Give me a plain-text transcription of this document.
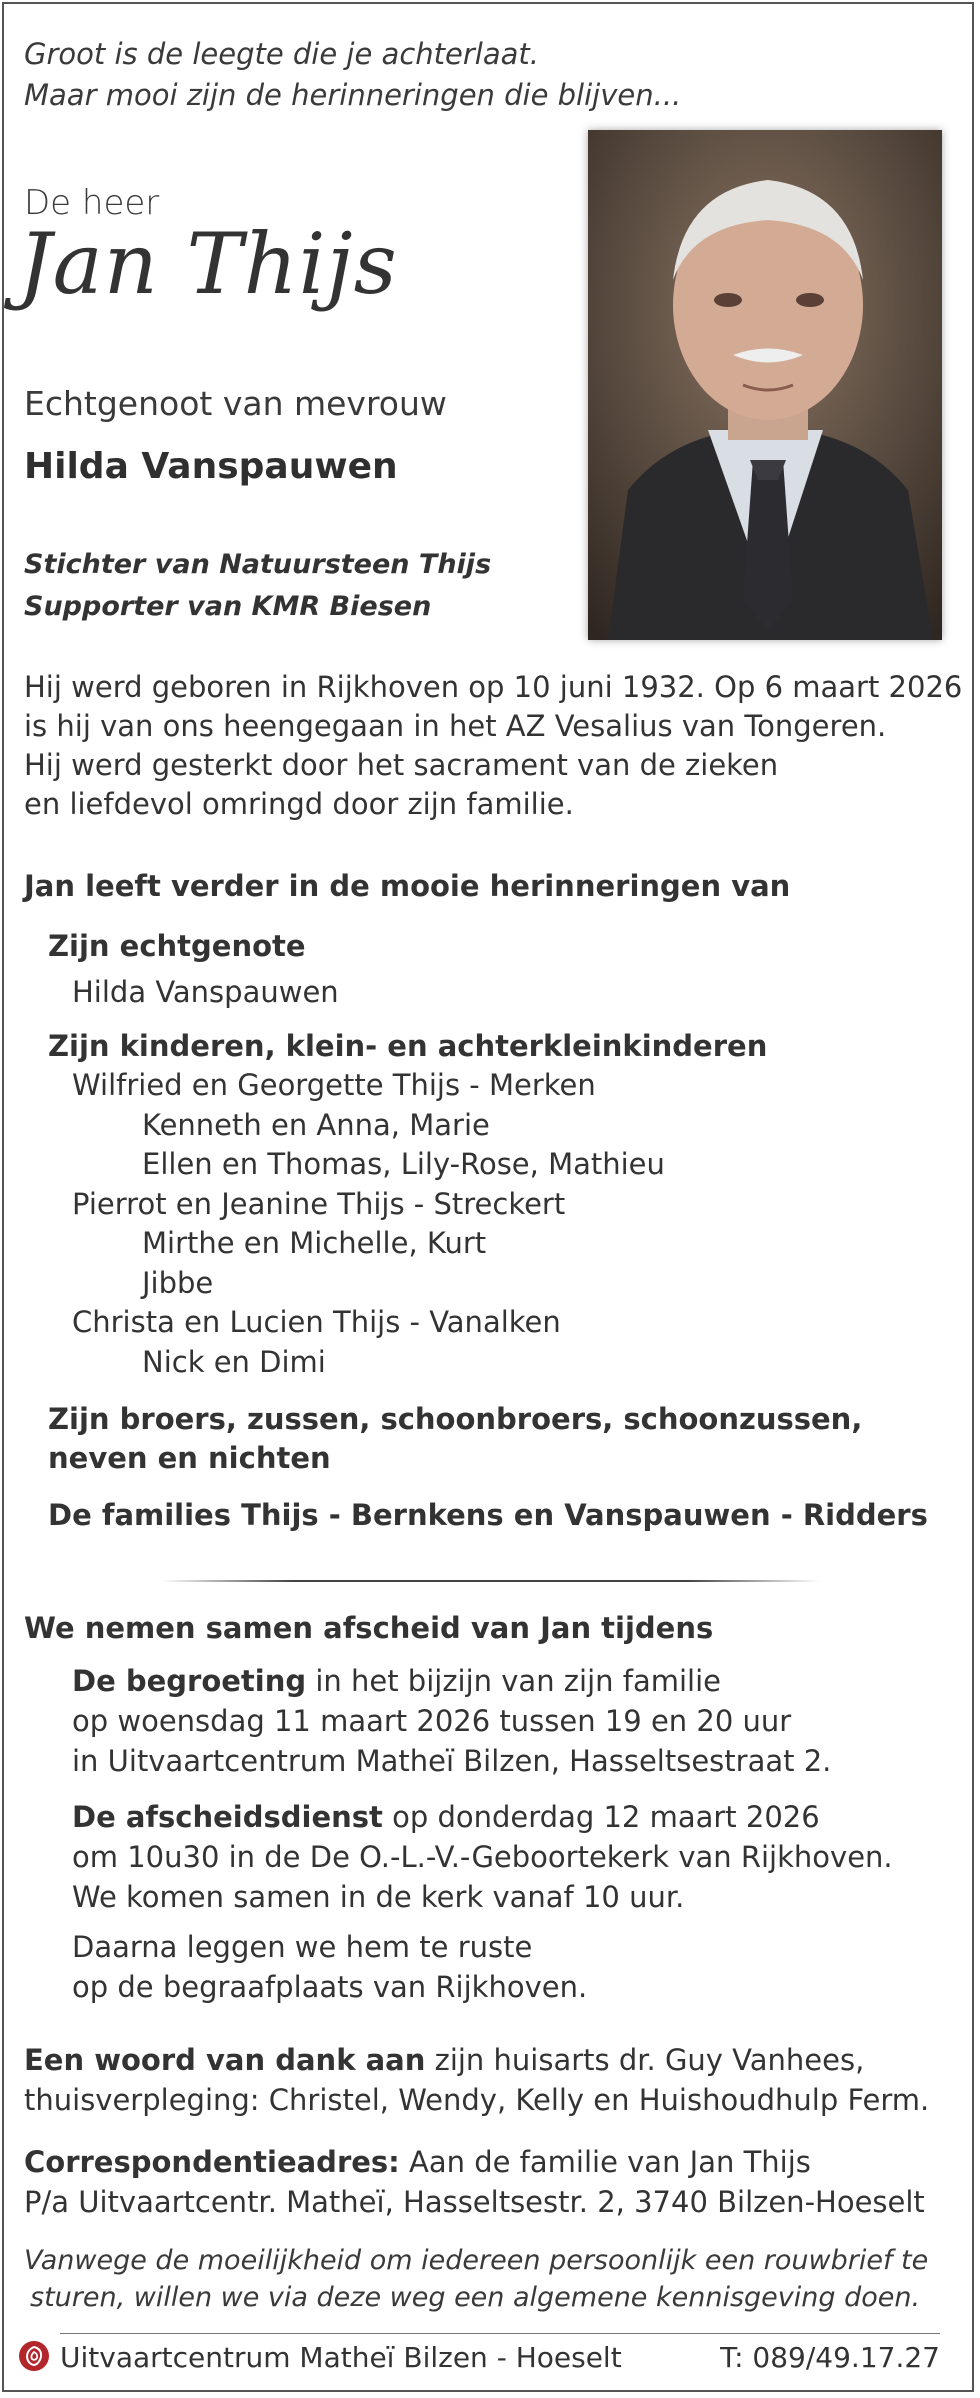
Groot is de leegte die je achterlaat.
Maar mooi zijn de herinneringen die blijven...
De heer
Jan Thijs
Echtgenoot van mevrouw
Hilda Vanspauwen
Stichter van Natuursteen Thijs
Supporter van KMR Biesen
Hij werd geboren in Rijkhoven op 10 juni 1932. Op 6 maart 2026
is hij van ons heengegaan in het AZ Vesalius van Tongeren.
Hij werd gesterkt door het sacrament van de zieken
en liefdevol omringd door zijn familie.
Jan leeft verder in de mooie herinneringen van
Zijn echtgenote
Hilda Vanspauwen
Zijn kinderen, klein- en achterkleinkinderen
Wilfried en Georgette Thijs - Merken
Kenneth en Anna, Marie
Ellen en Thomas, Lily-Rose, Mathieu
Pierrot en Jeanine Thijs - Streckert
Mirthe en Michelle, Kurt
Jibbe
Christa en Lucien Thijs - Vanalken
Nick en Dimi
Zijn broers, zussen, schoonbroers, schoonzussen,
neven en nichten
De families Thijs - Bernkens en Vanspauwen - Ridders
We nemen samen afscheid van Jan tijdens
De begroeting in het bijzijn van zijn familie
op woensdag 11 maart 2026 tussen 19 en 20 uur
in Uitvaartcentrum Matheï Bilzen, Hasseltsestraat 2.
De afscheidsdienst op donderdag 12 maart 2026
om 10u30 in de De O.-L.-V.-Geboortekerk van Rijkhoven.
We komen samen in de kerk vanaf 10 uur.
Daarna leggen we hem te ruste
op de begraafplaats van Rijkhoven.
Een woord van dank aan zijn huisarts dr. Guy Vanhees,
thuisverpleging: Christel, Wendy, Kelly en Huishoudhulp Ferm.
Correspondentieadres: Aan de familie van Jan Thijs
P/a Uitvaartcentr. Matheï, Hasseltsestr. 2, 3740 Bilzen-Hoeselt
Vanwege de moeilijkheid om iedereen persoonlijk een rouwbrief te
sturen, willen we via deze weg een algemene kennisgeving doen.
Uitvaartcentrum Matheï Bilzen - Hoeselt	T: 089/49.17.27
